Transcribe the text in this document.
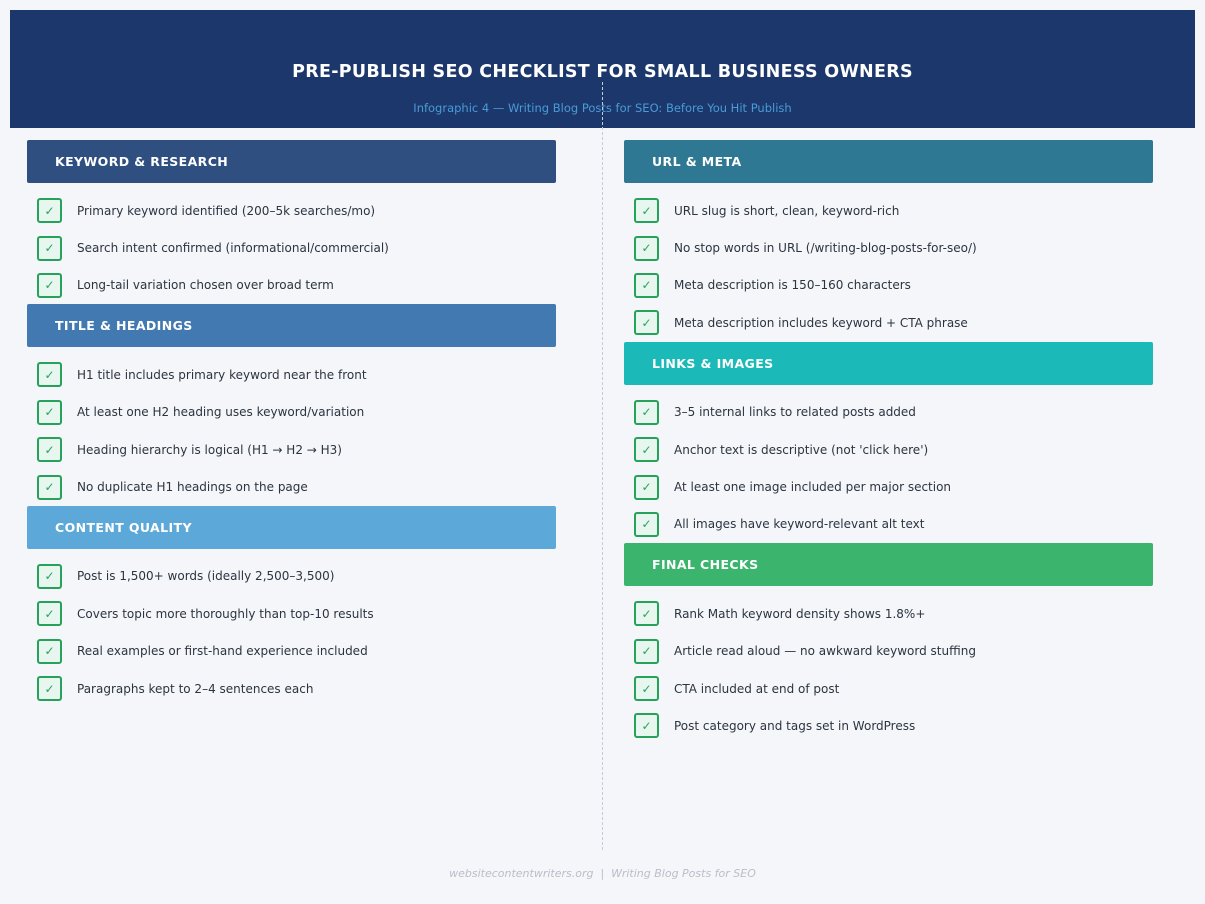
PRE-PUBLISH SEO CHECKLIST FOR SMALL BUSINESS OWNERS
Infographic 4 — Writing Blog Posts for SEO: Before You Hit Publish
KEYWORD & RESEARCH
✓	Primary keyword identified (200–5k searches/mo)
✓	Search intent confirmed (informational/commercial)
✓	Long-tail variation chosen over broad term
TITLE & HEADINGS
✓	H1 title includes primary keyword near the front
✓	At least one H2 heading uses keyword/variation
✓	Heading hierarchy is logical (H1 → H2 → H3)
✓	No duplicate H1 headings on the page
CONTENT QUALITY
✓	Post is 1,500+ words (ideally 2,500–3,500)
✓	Covers topic more thoroughly than top-10 results
✓	Real examples or first-hand experience included
✓	Paragraphs kept to 2–4 sentences each
URL & META
✓	URL slug is short, clean, keyword-rich
✓	No stop words in URL (/writing-blog-posts-for-seo/)
✓	Meta description is 150–160 characters
✓	Meta description includes keyword + CTA phrase
LINKS & IMAGES
✓	3–5 internal links to related posts added
✓	Anchor text is descriptive (not 'click here')
✓	At least one image included per major section
✓	All images have keyword-relevant alt text
FINAL CHECKS
✓	Rank Math keyword density shows 1.8%+
✓	Article read aloud — no awkward keyword stuffing
✓	CTA included at end of post
✓	Post category and tags set in WordPress
websitecontentwriters.org  |  Writing Blog Posts for SEO
